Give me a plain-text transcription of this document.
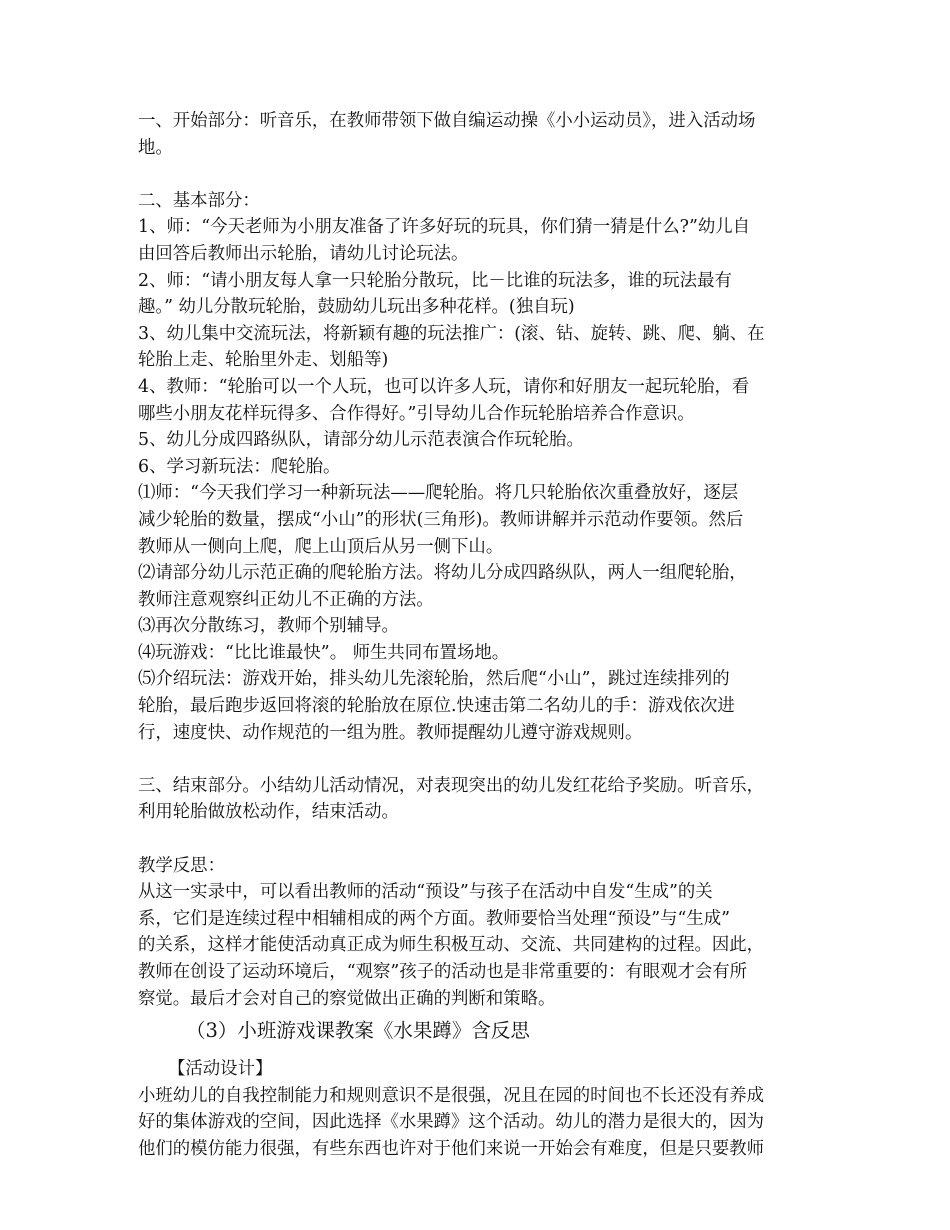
一、开始部分：听音乐，在教师带领下做自编运动操《小小运动员》，进入活动场
地。
二、基本部分：
1、师：“今天老师为小朋友准备了许多好玩的玩具，你们猜一猜是什么?”幼儿自
由回答后教师出示轮胎，请幼儿讨论玩法。
2、师：“请小朋友每人拿一只轮胎分散玩，比－比谁的玩法多，谁的玩法最有
趣。” 幼儿分散玩轮胎，鼓励幼儿玩出多种花样。(独自玩)
3、幼儿集中交流玩法，将新颖有趣的玩法推广：(滚、钻、旋转、跳、爬、躺、在
轮胎上走、轮胎里外走、划船等)
4、教师：“轮胎可以一个人玩，也可以许多人玩，请你和好朋友一起玩轮胎，看
哪些小朋友花样玩得多、合作得好。”引导幼儿合作玩轮胎培养合作意识。
5、幼儿分成四路纵队，请部分幼儿示范表演合作玩轮胎。
6、学习新玩法：爬轮胎。
⑴师：“今天我们学习一种新玩法——爬轮胎。将几只轮胎依次重叠放好，逐层
减少轮胎的数量，摆成“小山”的形状(三角形)。教师讲解并示范动作要领。然后
教师从一侧向上爬，爬上山顶后从另一侧下山。
⑵请部分幼儿示范正确的爬轮胎方法。将幼儿分成四路纵队，两人一组爬轮胎，
教师注意观察纠正幼儿不正确的方法。
⑶再次分散练习，教师个别辅导。
⑷玩游戏：“比比谁最快”。 师生共同布置场地。
⑸介绍玩法：游戏开始，排头幼儿先滚轮胎，然后爬“小山”，跳过连续排列的
轮胎，最后跑步返回将滚的轮胎放在原位.快速击第二名幼儿的手：游戏依次进
行，速度快、动作规范的一组为胜。教师提醒幼儿遵守游戏规则。
三、结束部分。小结幼儿活动情况，对表现突出的幼儿发红花给予奖励。听音乐，
利用轮胎做放松动作，结束活动。
教学反思：
从这一实录中，可以看出教师的活动“预设”与孩子在活动中自发“生成”的关
系，它们是连续过程中相辅相成的两个方面。教师要恰当处理“预设”与“生成”
的关系，这样才能使活动真正成为师生积极互动、交流、共同建构的过程。因此，
教师在创设了运动环境后，“观察”孩子的活动也是非常重要的：有眼观才会有所
察觉。最后才会对自己的察觉做出正确的判断和策略。
（3）小班游戏课教案《水果蹲》含反思
【活动设计】
小班幼儿的自我控制能力和规则意识不是很强，况且在园的时间也不长还没有养成
好的集体游戏的空间，因此选择《水果蹲》这个活动。幼儿的潜力是很大的，因为
他们的模仿能力很强，有些东西也许对于他们来说一开始会有难度，但是只要教师
